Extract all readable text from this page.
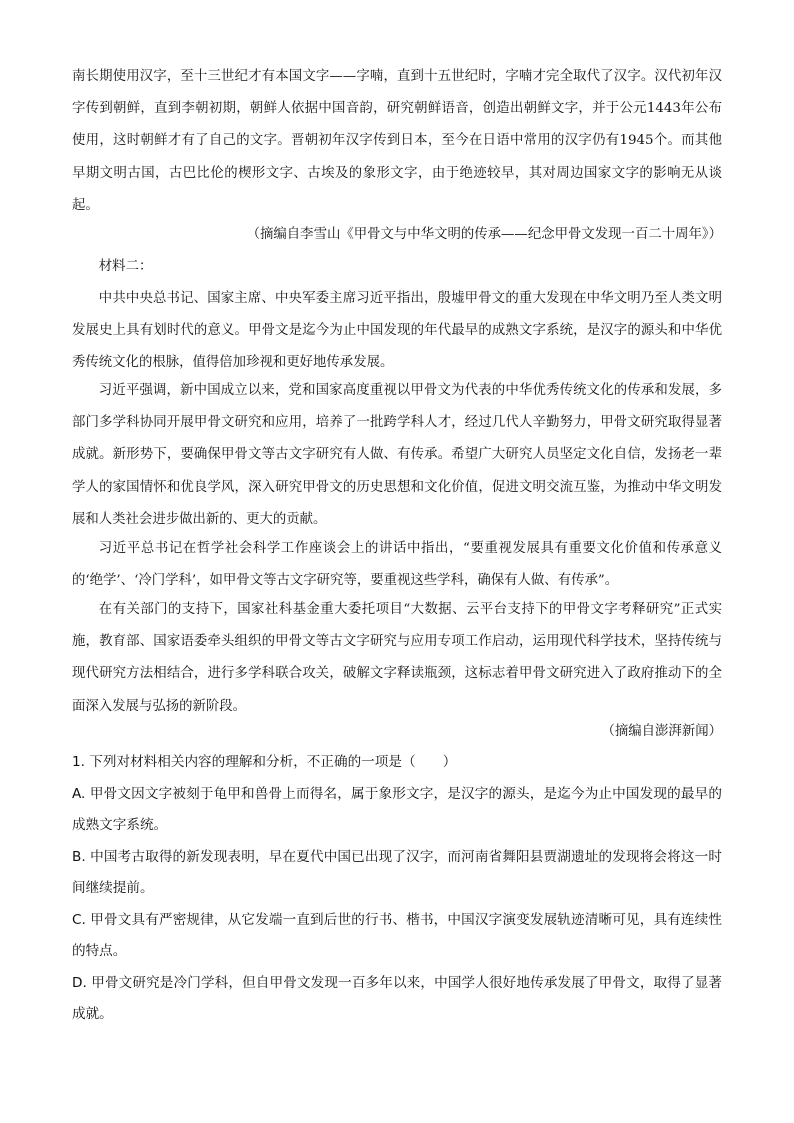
南长期使用汉字，至十三世纪才有本国文字——字喃，直到十五世纪时，字喃才完全取代了汉字。汉代初年汉字传到朝鲜，直到李朝初期，朝鲜人依据中国音韵，研究朝鲜语音，创造出朝鲜文字，并于公元1443年公布使用，这时朝鲜才有了自己的文字。晋朝初年汉字传到日本，至今在日语中常用的汉字仍有1945个。而其他早期文明古国，古巴比伦的楔形文字、古埃及的象形文字，由于绝迹较早，其对周边国家文字的影响无从谈起。

（摘编自李雪山《甲骨文与中华文明的传承——纪念甲骨文发现一百二十周年》）

材料二：

中共中央总书记、国家主席、中央军委主席习近平指出，殷墟甲骨文的重大发现在中华文明乃至人类文明发展史上具有划时代的意义。甲骨文是迄今为止中国发现的年代最早的成熟文字系统，是汉字的源头和中华优秀传统文化的根脉，值得倍加珍视和更好地传承发展。

习近平强调，新中国成立以来，党和国家高度重视以甲骨文为代表的中华优秀传统文化的传承和发展，多部门多学科协同开展甲骨文研究和应用，培养了一批跨学科人才，经过几代人辛勤努力，甲骨文研究取得显著成就。新形势下，要确保甲骨文等古文字研究有人做、有传承。希望广大研究人员坚定文化自信，发扬老一辈学人的家国情怀和优良学风，深入研究甲骨文的历史思想和文化价值，促进文明交流互鉴，为推动中华文明发展和人类社会进步做出新的、更大的贡献。

习近平总书记在哲学社会科学工作座谈会上的讲话中指出，“要重视发展具有重要文化价值和传承意义的‘绝学’、‘冷门学科’，如甲骨文等古文字研究等，要重视这些学科，确保有人做、有传承”。

在有关部门的支持下，国家社科基金重大委托项目“大数据、云平台支持下的甲骨文字考释研究”正式实施，教育部、国家语委牵头组织的甲骨文等古文字研究与应用专项工作启动，运用现代科学技术，坚持传统与现代研究方法相结合，进行多学科联合攻关，破解文字释读瓶颈，这标志着甲骨文研究进入了政府推动下的全面深入发展与弘扬的新阶段。

（摘编自澎湃新闻）

1. 下列对材料相关内容的理解和分析，不正确的一项是（　　）

A. 甲骨文因文字被刻于龟甲和兽骨上而得名，属于象形文字，是汉字的源头，是迄今为止中国发现的最早的成熟文字系统。

B. 中国考古取得的新发现表明，早在夏代中国已出现了汉字，而河南省舞阳县贾湖遗址的发现将会将这一时间继续提前。

C. 甲骨文具有严密规律，从它发端一直到后世的行书、楷书，中国汉字演变发展轨迹清晰可见，具有连续性的特点。

D. 甲骨文研究是冷门学科，但自甲骨文发现一百多年以来，中国学人很好地传承发展了甲骨文，取得了显著成就。
